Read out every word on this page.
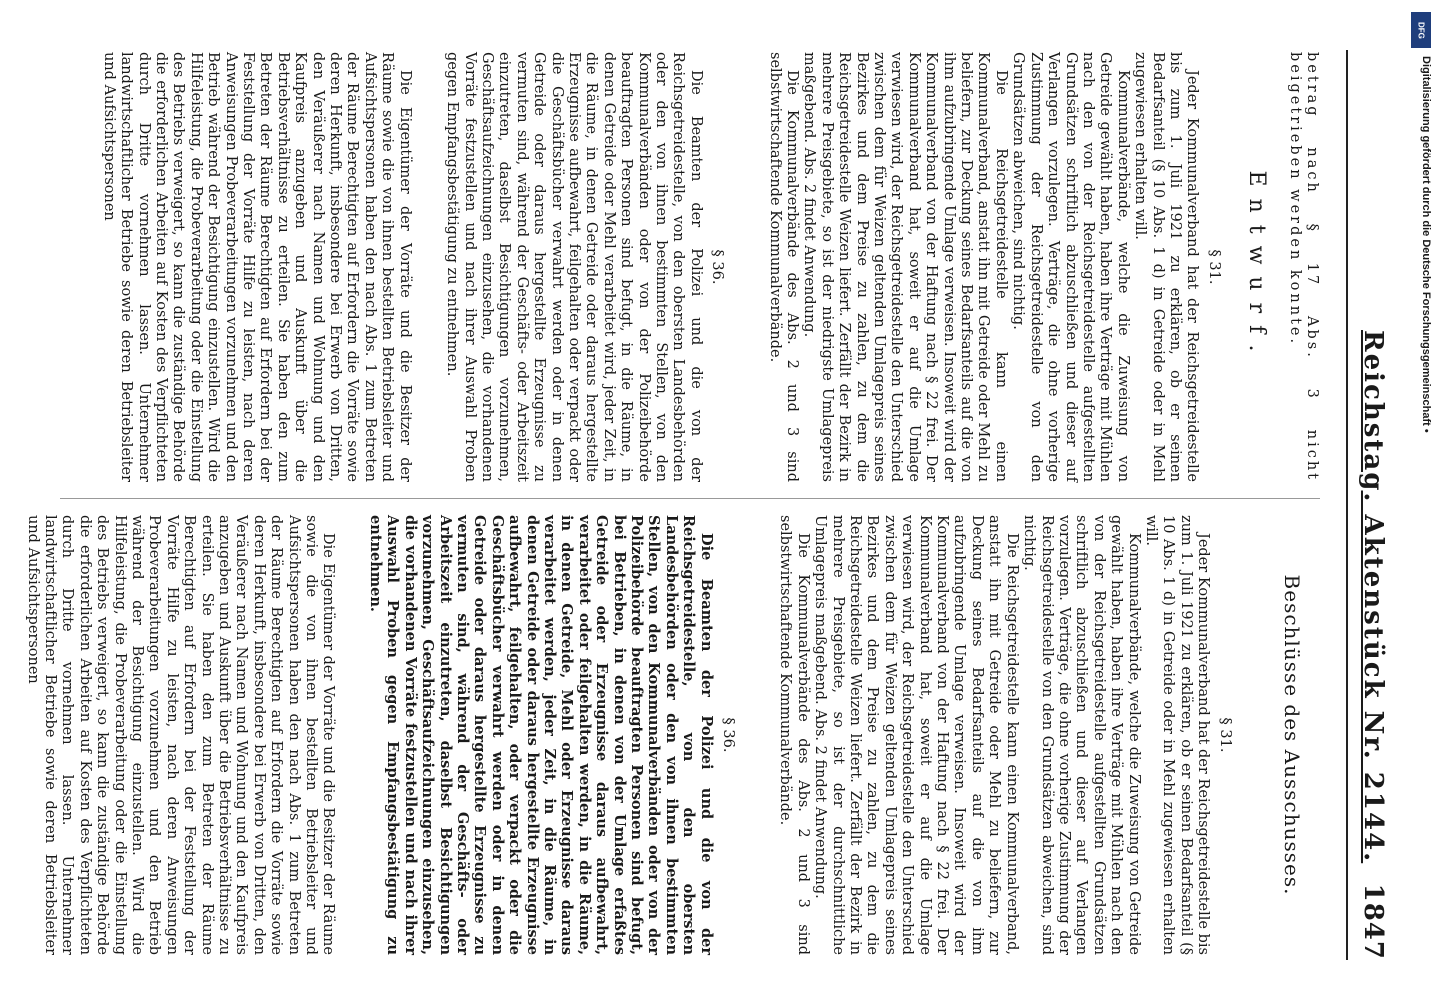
Reichstag. Aktenstück Nr. 2144.
1847

betrag nach § 17 Abs. 3 nicht beigetrieben werden konnte.

Entwurf.

§ 31.

Jeder Kommunalverband hat der Reichsgetreidestelle bis zum 1. Juli 1921 zu erklären, ob er seinen Bedarfsanteil (§ 10 Abs. 1 d) in Getreide oder in Mehl zugewiesen erhalten will.

Kommunalverbände, welche die Zuweisung von Getreide gewählt haben, haben ihre Verträge mit Mühlen nach den von der Reichsgetreidestelle aufgestellten Grundsätzen schriftlich abzuschließen und dieser auf Verlangen vorzulegen. Verträge, die ohne vorherige Zustimmung der Reichsgetreidestelle von den Grundsätzen abweichen, sind nichtig.

Die Reichsgetreidestelle kann einen Kommunalverband, anstatt ihn mit Getreide oder Mehl zu beliefern, zur Deckung seines Bedarfsanteils auf die von ihm aufzubringende Umlage verweisen. Insoweit wird der Kommunalverband von der Haftung nach § 22 frei. Der Kommunalverband hat, soweit er auf die Umlage verwiesen wird, der Reichsgetreidestelle den Unterschied zwischen dem für Weizen geltenden Umlagepreis seines Bezirkes und dem Preise zu zahlen, zu dem die Reichsgetreidestelle Weizen liefert. Zerfällt der Bezirk in mehrere Preisgebiete, so ist der niedrigste Umlagepreis maßgebend. Abs. 2 findet Anwendung.

Die Kommunalverbände des Abs. 2 und 3 sind selbstwirtschaftende Kommunalverbände.

§ 36.

Die Beamten der Polizei und die von der Reichsgetreidestelle, von den obersten Landesbehörden oder den von ihnen bestimmten Stellen, von den Kommunalverbänden oder von der Polizeibehörde beauftragten Personen sind befugt, in die Räume, in denen Getreide oder Mehl verarbeitet wird, jeder Zeit, in die Räume, in denen Getreide oder daraus hergestellte Erzeugnisse aufbewahrt, feilgehalten oder verpackt oder die Geschäftsbücher verwahrt werden oder in denen Getreide oder daraus hergestellte Erzeugnisse zu vermuten sind, während der Geschäfts- oder Arbeitszeit einzutreten, daselbst Besichtigungen vorzunehmen, Geschäftsaufzeichnungen einzusehen, die vorhandenen Vorräte festzustellen und nach ihrer Auswahl Proben gegen Empfangsbestätigung zu entnehmen.

Die Eigentümer der Vorräte und die Besitzer der Räume sowie die von ihnen bestellten Betriebsleiter und Aufsichtspersonen haben den nach Abs. 1 zum Betreten der Räume Berechtigten auf Erfordern die Vorräte sowie deren Herkunft, insbesondere bei Erwerb von Dritten, den Veräußerer nach Namen und Wohnung und den Kaufpreis anzugeben und Auskunft über die Betriebsverhältnisse zu erteilen. Sie haben den zum Betreten der Räume Berechtigten auf Erfordern bei der Feststellung der Vorräte Hilfe zu leisten, nach deren Anweisungen Probeverarbeitungen vorzunehmen und den Betrieb während der Besichtigung einzustellen. Wird die Hilfeleistung, die Probeverarbeitung oder die Einstellung des Betriebs verweigert, so kann die zuständige Behörde die erforderlichen Arbeiten auf Kosten des Verpflichteten durch Dritte vornehmen lassen. Unternehmer landwirtschaftlicher Betriebe sowie deren Betriebsleiter und Aufsichtspersonen

Beschlüsse des Ausschusses.

§ 31.

Jeder Kommunalverband hat der Reichsgetreidestelle bis zum 1. Juli 1921 zu erklären, ob er seinen Bedarfsanteil (§ 10 Abs. 1 d) in Getreide oder in Mehl zugewiesen erhalten will.

Kommunalverbände, welche die Zuweisung von Getreide gewählt haben, haben ihre Verträge mit Mühlen nach den von der Reichsgetreidestelle aufgestellten Grundsätzen schriftlich abzuschließen und dieser auf Verlangen vorzulegen. Verträge, die ohne vorherige Zustimmung der Reichsgetreidestelle von den Grundsätzen abweichen, sind nichtig.

Die Reichsgetreidestelle kann einen Kommunalverband, anstatt ihn mit Getreide oder Mehl zu beliefern, zur Deckung seines Bedarfsanteils auf die von ihm aufzubringende Umlage verweisen. Insoweit wird der Kommunalverband von der Haftung nach § 22 frei. Der Kommunalverband hat, soweit er auf die Umlage verwiesen wird, der Reichsgetreidestelle den Unterschied zwischen dem für Weizen geltenden Umlagepreis seines Bezirkes und dem Preise zu zahlen, zu dem die Reichsgetreidestelle Weizen liefert. Zerfällt der Bezirk in mehrere Preisgebiete, so ist der durchschnittliche Umlagepreis maßgebend. Abs. 2 findet Anwendung.

Die Kommunalverbände des Abs. 2 und 3 sind selbstwirtschaftende Kommunalverbände.

§ 36.

Die Beamten der Polizei und die von der Reichsgetreidestelle, von den obersten Landesbehörden oder den von ihnen bestimmten Stellen, von den Kommunalverbänden oder von der Polizeibehörde beauftragten Personen sind befugt, bei Betrieben, in denen von der Umlage erfaßtes Getreide oder Erzeugnisse daraus aufbewahrt, verarbeitet oder feilgehalten werden, in die Räume, in denen Getreide, Mehl oder Erzeugnisse daraus verarbeitet werden, jeder Zeit, in die Räume, in denen Getreide oder daraus hergestellte Erzeugnisse aufbewahrt, feilgehalten, oder verpackt oder die Geschäftsbücher verwahrt werden oder in denen Getreide oder daraus hergestellte Erzeugnisse zu vermuten sind, während der Geschäfts- oder Arbeitszeit einzutreten, daselbst Besichtigungen vorzunehmen, Geschäftsaufzeichnungen einzusehen, die vorhandenen Vorräte festzustellen und nach ihrer Auswahl Proben gegen Empfangsbestätigung zu entnehmen.

Die Eigentümer der Vorräte und die Besitzer der Räume sowie die von ihnen bestellten Betriebsleiter und Aufsichtspersonen haben den nach Abs. 1 zum Betreten der Räume Berechtigten auf Erfordern die Vorräte sowie deren Herkunft, insbesondere bei Erwerb von Dritten, den Veräußerer nach Namen und Wohnung und den Kaufpreis anzugeben und Auskunft über die Betriebsverhältnisse zu erteilen. Sie haben den zum Betreten der Räume Berechtigten auf Erfordern bei der Feststellung der Vorräte Hilfe zu leisten, nach deren Anweisungen Probeverarbeitungen vorzunehmen und den Betrieb während der Besichtigung einzustellen. Wird die Hilfeleistung, die Probeverarbeitung oder die Einstellung des Betriebs verweigert, so kann die zuständige Behörde die erforderlichen Arbeiten auf Kosten des Verpflichteten durch Dritte vornehmen lassen. Unternehmer landwirtschaftlicher Betriebe sowie deren Betriebsleiter und Aufsichtspersonen

DFG
Digitalisierung gefördert durch die Deutsche Forschungsgemeinschaft •
